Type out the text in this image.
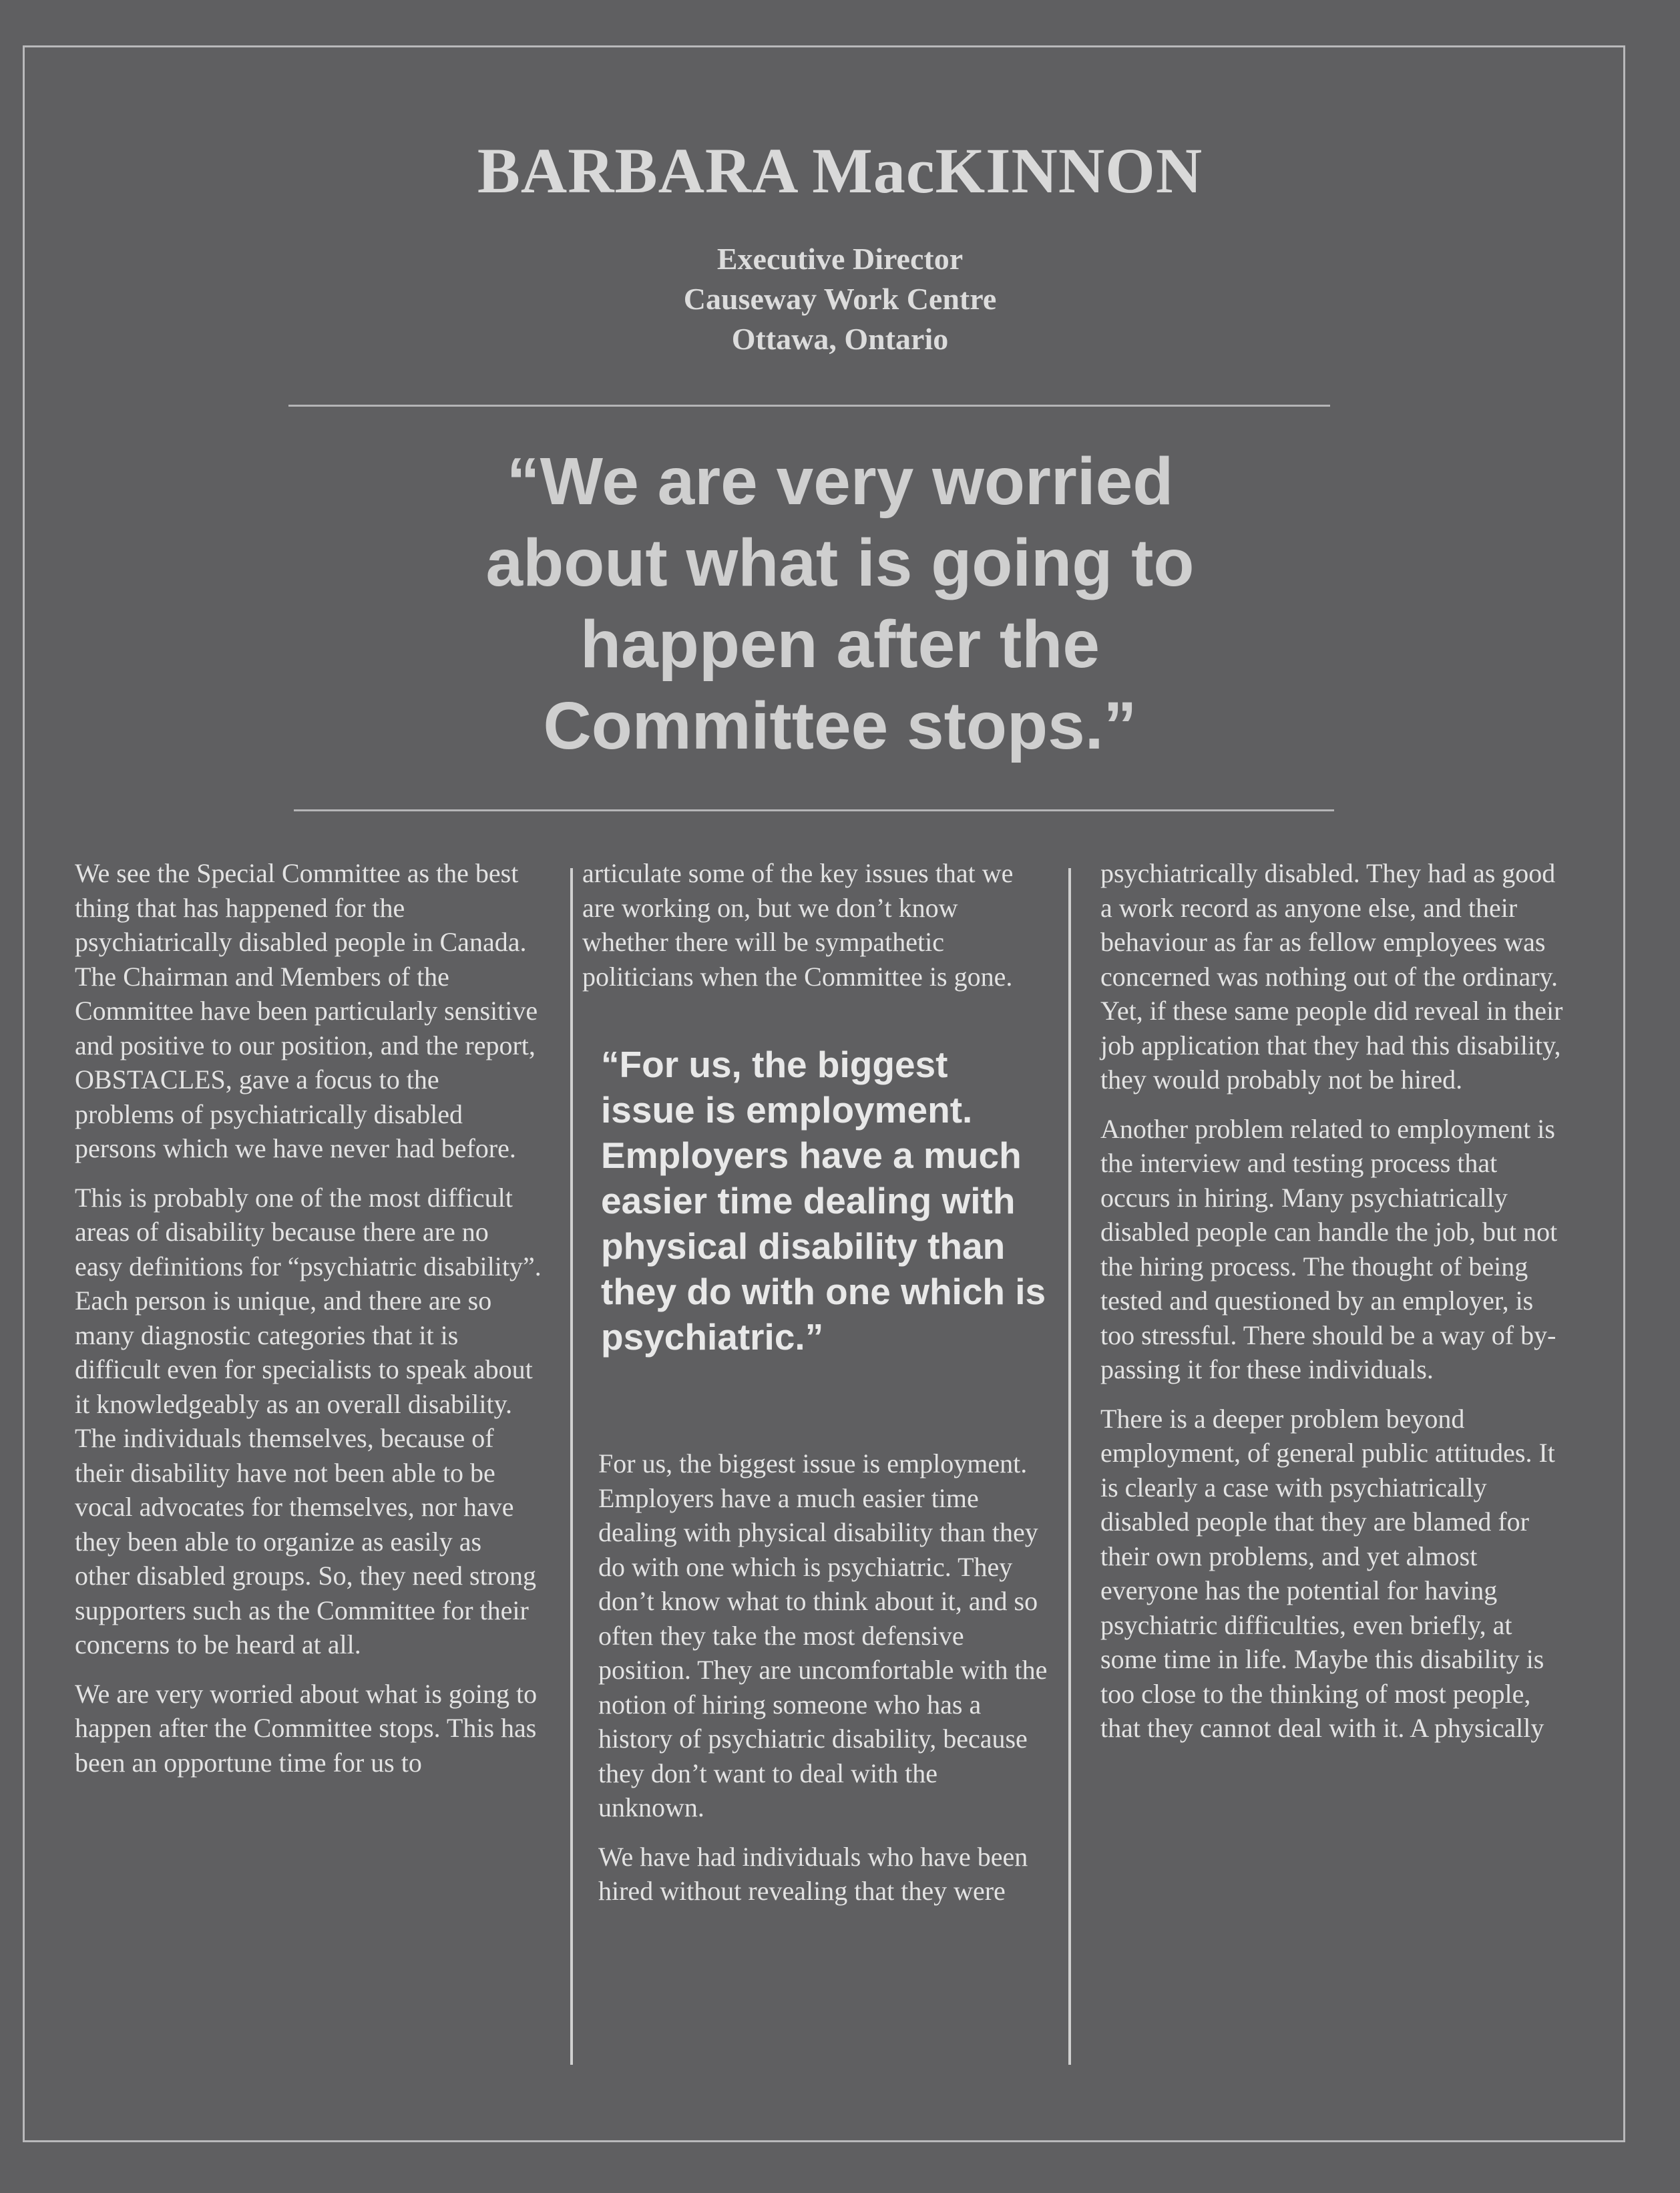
BARBARA MacKINNON
Executive Director
Causeway Work Centre
Ottawa, Ontario
“We are very worried
about what is going to
happen after the
Committee stops.”

We see the Special Committee as the best thing that has happened for the psychiatrically disabled people in Canada. The Chairman and Members of the Committee have been particularly sensitive and positive to our position, and the report, OBSTACLES, gave a focus to the problems of psychiatrically disabled persons which we have never had before.

This is probably one of the most difficult areas of disability because there are no easy definitions for “psychiatric disability”. Each person is unique, and there are so many diagnostic categories that it is difficult even for specialists to speak about it knowledgeably as an overall disability. The individuals themselves, because of their disability have not been able to be vocal advocates for themselves, nor have they been able to organize as easily as other disabled groups. So, they need strong supporters such as the Committee for their concerns to be heard at all.

We are very worried about what is going to happen after the Committee stops. This has been an opportune time for us to

articulate some of the key issues that we are working on, but we don’t know whether there will be sympathetic politicians when the Committee is gone.

“For us, the biggest issue is employment. Employers have a much easier time dealing with physical disability than they do with one which is psychiatric.”

For us, the biggest issue is employment. Employers have a much easier time dealing with physical disability than they do with one which is psychiatric. They don’t know what to think about it, and so often they take the most defensive position. They are uncomfortable with the notion of hiring someone who has a history of psychiatric disability, because they don’t want to deal with the unknown.

We have had individuals who have been hired without revealing that they were

psychiatrically disabled. They had as good a work record as anyone else, and their behaviour as far as fellow employees was concerned was nothing out of the ordinary. Yet, if these same people did reveal in their job application that they had this disability, they would probably not be hired.

Another problem related to employment is the interview and testing process that occurs in hiring. Many psychiatrically disabled people can handle the job, but not the hiring process. The thought of being tested and questioned by an employer, is too stressful. There should be a way of by-passing it for these individuals.

There is a deeper problem beyond employment, of general public attitudes. It is clearly a case with psychiatrically disabled people that they are blamed for their own problems, and yet almost everyone has the potential for having psychiatric difficulties, even briefly, at some time in life. Maybe this disability is too close to the thinking of most people, that they cannot deal with it. A physically
